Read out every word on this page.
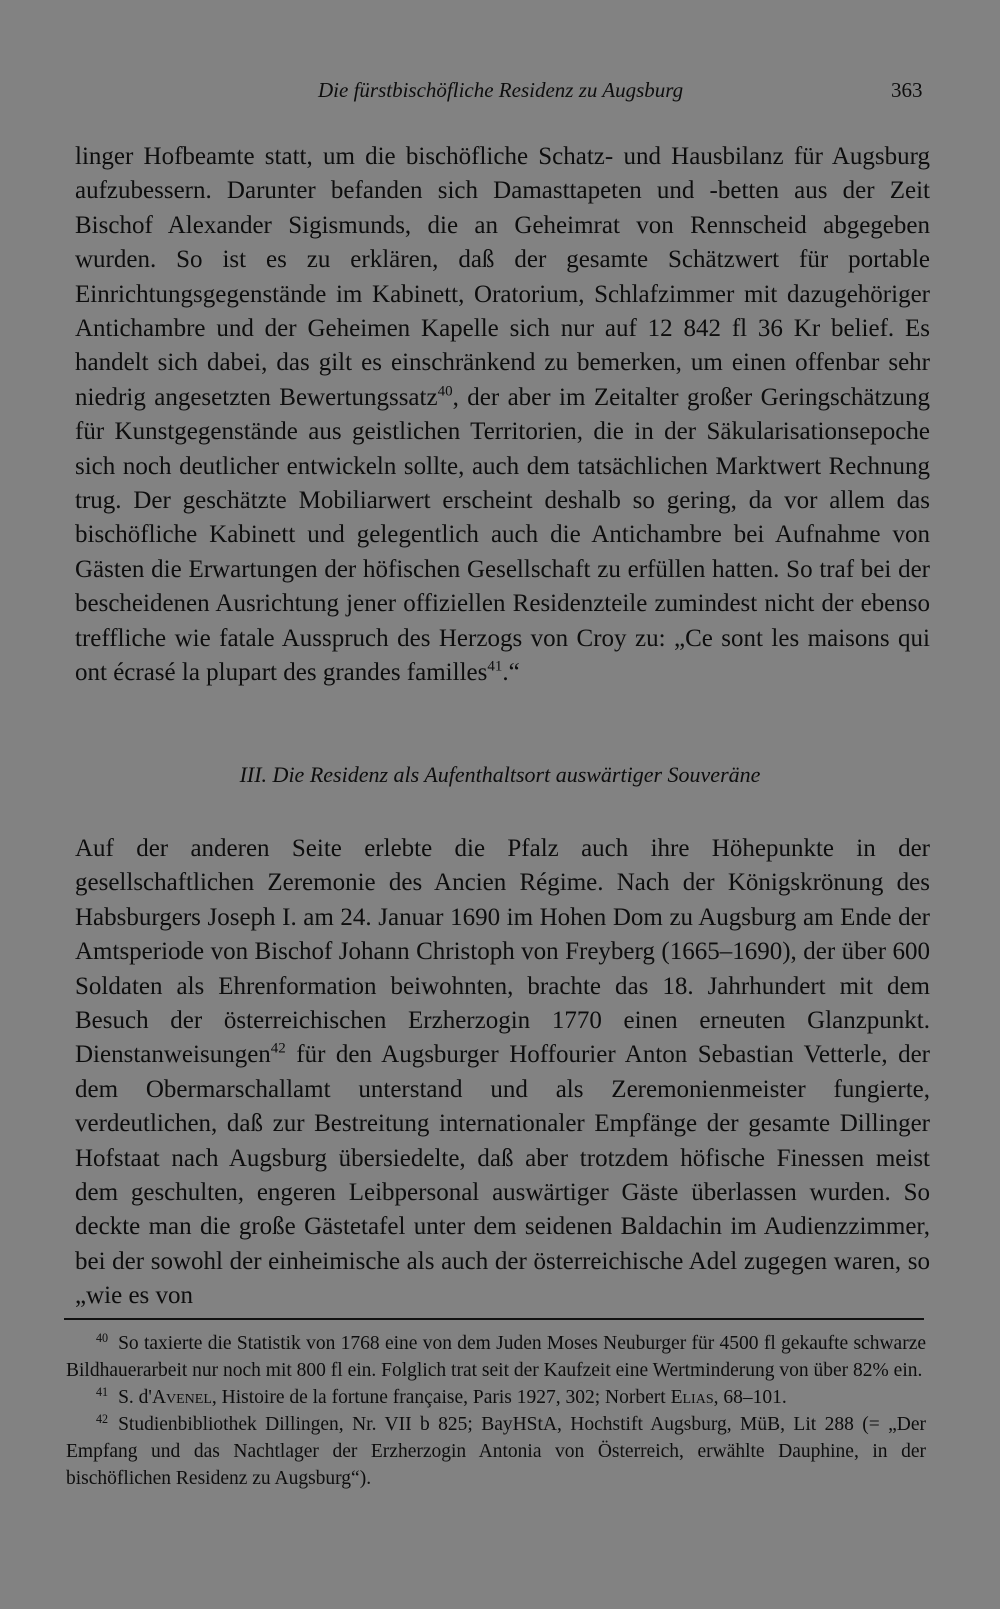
Die fürstbischöfliche Residenz zu Augsburg	363

linger Hofbeamte statt, um die bischöfliche Schatz- und Hausbilanz für Augsburg aufzubessern. Darunter befanden sich Damasttapeten und -betten aus der Zeit Bischof Alexander Sigismunds, die an Geheimrat von Rennscheid abgegeben wurden. So ist es zu erklären, daß der gesamte Schätzwert für portable Einrichtungsgegenstände im Kabinett, Oratorium, Schlafzimmer mit dazugehöriger Antichambre und der Geheimen Kapelle sich nur auf 12 842 fl 36 Kr belief. Es handelt sich dabei, das gilt es einschränkend zu bemerken, um einen offenbar sehr niedrig angesetzten Bewertungssatz$^{40}$, der aber im Zeitalter großer Geringschätzung für Kunstgegenstände aus geistlichen Territorien, die in der Säkularisationsepoche sich noch deutlicher entwickeln sollte, auch dem tatsächlichen Marktwert Rechnung trug. Der geschätzte Mobiliarwert erscheint deshalb so gering, da vor allem das bischöfliche Kabinett und gelegentlich auch die Antichambre bei Aufnahme von Gästen die Erwartungen der höfischen Gesellschaft zu erfüllen hatten. So traf bei der bescheidenen Ausrichtung jener offiziellen Residenzteile zumindest nicht der ebenso treffliche wie fatale Ausspruch des Herzogs von Croy zu: „Ce sont les maisons qui ont écrasé la plupart des grandes familles$^{41}$.“

III. Die Residenz als Aufenthaltsort auswärtiger Souveräne

Auf der anderen Seite erlebte die Pfalz auch ihre Höhepunkte in der gesellschaftlichen Zeremonie des Ancien Régime. Nach der Königskrönung des Habsburgers Joseph I. am 24. Januar 1690 im Hohen Dom zu Augsburg am Ende der Amtsperiode von Bischof Johann Christoph von Freyberg (1665–1690), der über 600 Soldaten als Ehrenformation beiwohnten, brachte das 18. Jahrhundert mit dem Besuch der österreichischen Erzherzogin 1770 einen erneuten Glanzpunkt. Dienstanweisungen$^{42}$ für den Augsburger Hoffourier Anton Sebastian Vetterle, der dem Obermarschallamt unterstand und als Zeremonienmeister fungierte, verdeutlichen, daß zur Bestreitung internationaler Empfänge der gesamte Dillinger Hofstaat nach Augsburg übersiedelte, daß aber trotzdem höfische Finessen meist dem geschulten, engeren Leibpersonal auswärtiger Gäste überlassen wurden. So deckte man die große Gästetafel unter dem seidenen Baldachin im Audienzzimmer, bei der sowohl der einheimische als auch der österreichische Adel zugegen waren, so „wie es von

$^{40}$ So taxierte die Statistik von 1768 eine von dem Juden Moses Neuburger für 4500 fl gekaufte schwarze Bildhauerarbeit nur noch mit 800 fl ein. Folglich trat seit der Kaufzeit eine Wertminderung von über 82% ein.

$^{41}$ S. d'Avenel, Histoire de la fortune française, Paris 1927, 302; Norbert Elias, 68–101.

$^{42}$ Studienbibliothek Dillingen, Nr. VII b 825; BayHStA, Hochstift Augsburg, MüB, Lit 288 (= „Der Empfang und das Nachtlager der Erzherzogin Antonia von Österreich, erwählte Dauphine, in der bischöflichen Residenz zu Augsburg“).
